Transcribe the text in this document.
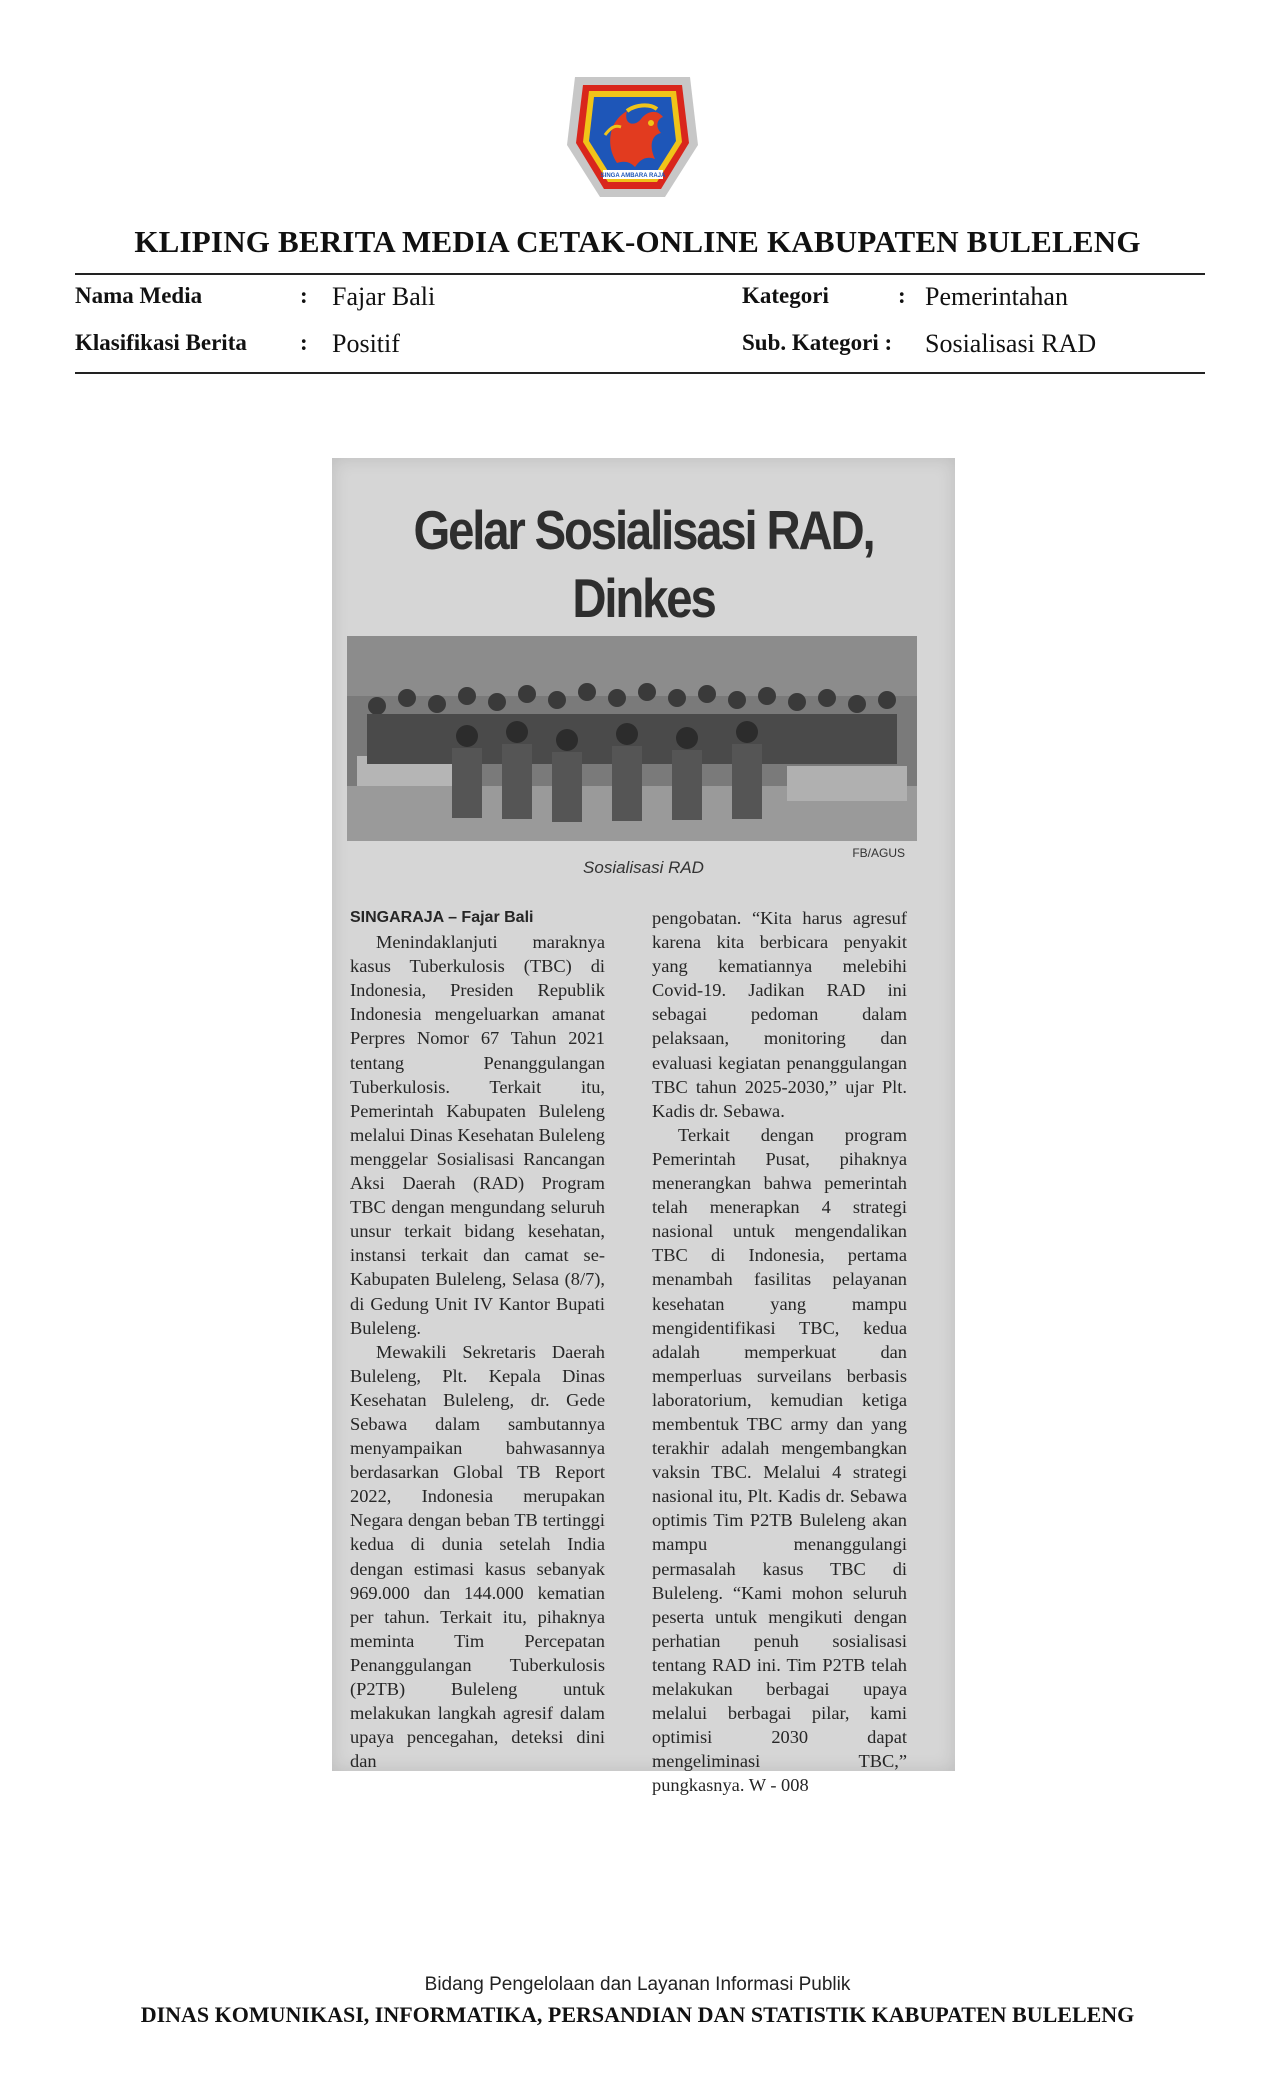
SINGA AMBARA RAJA
KLIPING BERITA MEDIA CETAK-ONLINE KABUPATEN BULELENG
Nama Media	: Fajar Bali	Kategori	: Pemerintahan
Klasifikasi Berita : Positif	Sub. Kategori : Sosialisasi RAD
Gelar Sosialisasi RAD, Dinkes
FB/AGUS
Sosialisasi RAD

SINGARAJA – Fajar Bali

Menindaklanjuti maraknya kasus Tuberkulosis (TBC) di Indonesia, Presiden Republik Indonesia mengeluarkan amanat Perpres Nomor 67 Tahun 2021 tentang Penanggulangan Tuberkulosis. Terkait itu, Pemerintah Kabupaten Buleleng melalui Dinas Kesehatan Buleleng menggelar Sosialisasi Rancangan Aksi Daerah (RAD) Program TBC dengan mengundang seluruh unsur terkait bidang kesehatan, instansi terkait dan camat se-Kabupaten Buleleng, Selasa (8/7), di Gedung Unit IV Kantor Bupati Buleleng.

Mewakili Sekretaris Daerah Buleleng, Plt. Kepala Dinas Kesehatan Buleleng, dr. Gede Sebawa dalam sambutannya menyampaikan bahwasannya berdasarkan Global TB Report 2022, Indonesia merupakan Negara dengan beban TB tertinggi kedua di dunia setelah India dengan estimasi kasus sebanyak 969.000 dan 144.000 kematian per tahun. Terkait itu, pihaknya meminta Tim Percepatan Penanggulangan Tuberkulosis (P2TB) Buleleng untuk melakukan langkah agresif dalam upaya pencegahan, deteksi dini dan

pengobatan. “Kita harus agresuf karena kita berbicara penyakit yang kematiannya melebihi Covid-19. Jadikan RAD ini sebagai pedoman dalam pelaksaan, monitoring dan evaluasi kegiatan penanggulangan TBC tahun 2025-2030,” ujar Plt. Kadis dr. Sebawa.

Terkait dengan program Pemerintah Pusat, pihaknya menerangkan bahwa pemerintah telah menerapkan 4 strategi nasional untuk mengendalikan TBC di Indonesia, pertama menambah fasilitas pelayanan kesehatan yang mampu mengidentifikasi TBC, kedua adalah memperkuat dan memperluas surveilans berbasis laboratorium, kemudian ketiga membentuk TBC army dan yang terakhir adalah mengembangkan vaksin TBC. Melalui 4 strategi nasional itu, Plt. Kadis dr. Sebawa optimis Tim P2TB Buleleng akan mampu menanggulangi permasalah kasus TBC di Buleleng. “Kami mohon seluruh peserta untuk mengikuti dengan perhatian penuh sosialisasi tentang RAD ini. Tim P2TB telah melakukan berbagai upaya melalui berbagai pilar, kami optimisi 2030 dapat mengeliminasi TBC,” pungkasnya. W - 008

Bidang Pengelolaan dan Layanan Informasi Publik
DINAS KOMUNIKASI, INFORMATIKA, PERSANDIAN DAN STATISTIK KABUPATEN BULELENG
